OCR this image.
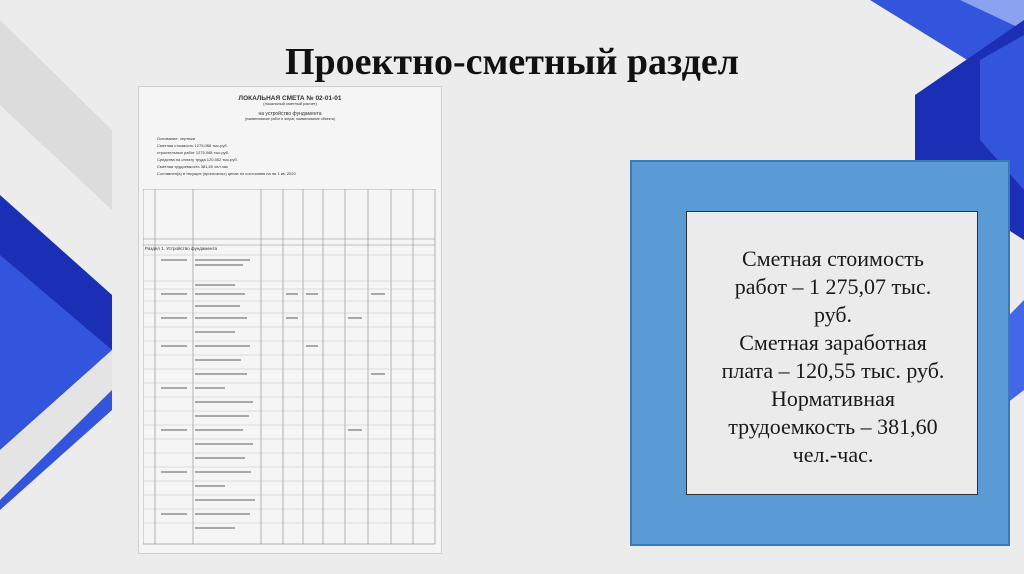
Проектно-сметный раздел
ЛОКАЛЬНАЯ СМЕТА № 02-01-01
(локальный сметный расчет)
на устройство фундамента
(наименование работ и затрат, наименование объекта)
Основание: чертежи
Сметная стоимость 1275,068 тыс.руб.
строительных работ 1275,068 тыс.руб.
Средства на оплату труда 120,552 тыс.руб.
Сметная трудоемкость 381,60 чел.час
Составлен(а) в текущих (прогнозных) ценах по состоянию на на 1 кв. 2020
Раздел 1. Устройство фундамента	Сметная стоимость
работ – 1 275,07 тыс.
руб.
Сметная заработная
плата – 120,55 тыс. руб.
Нормативная
трудоемкость – 381,60
чел.-час.
